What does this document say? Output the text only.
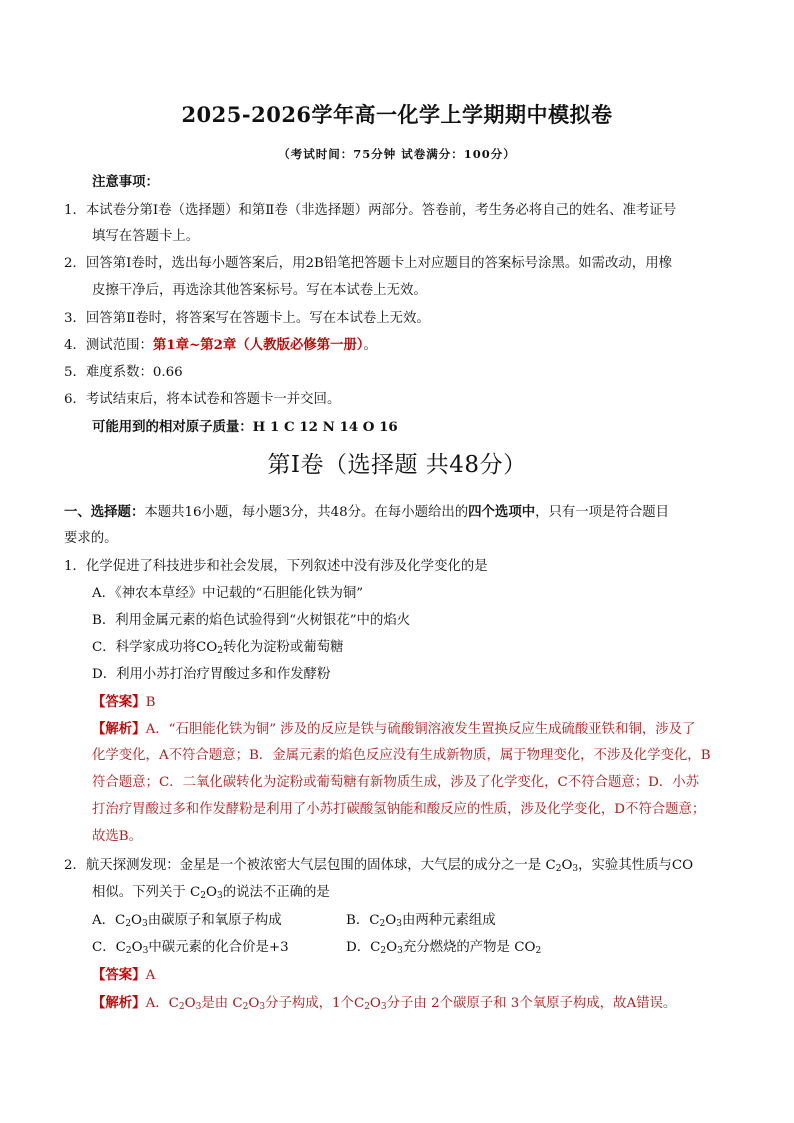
2025-2026学年高一化学上学期期中模拟卷
（考试时间：75分钟 试卷满分：100分）
注意事项：
1．本试卷分第Ⅰ卷（选择题）和第Ⅱ卷（非选择题）两部分。答卷前，考生务必将自己的姓名、准考证号
填写在答题卡上。
2．回答第Ⅰ卷时，选出每小题答案后，用2B铅笔把答题卡上对应题目的答案标号涂黑。如需改动，用橡
皮擦干净后，再选涂其他答案标号。写在本试卷上无效。
3．回答第Ⅱ卷时，将答案写在答题卡上。写在本试卷上无效。
4．测试范围：第1章~第2章（人教版必修第一册）。
5．难度系数：0.66
6．考试结束后，将本试卷和答题卡一并交回。
可能用到的相对原子质量：H 1 C 12 N 14 O 16
第Ⅰ卷（选择题 共48分）
一、选择题：本题共16小题，每小题3分，共48分。在每小题给出的四个选项中，只有一项是符合题目
要求的。
1．化学促进了科技进步和社会发展，下列叙述中没有涉及化学变化的是
A．《神农本草经》中记载的“石胆能化铁为铜”
B．利用金属元素的焰色试验得到“火树银花”中的焰火
C．科学家成功将$CO_2$转化为淀粉或葡萄糖
D．利用小苏打治疗胃酸过多和作发酵粉
【答案】B
【解析】A．“石胆能化铁为铜” 涉及的反应是铁与硫酸铜溶液发生置换反应生成硫酸亚铁和铜，涉及了
化学变化，A不符合题意；B．金属元素的焰色反应没有生成新物质，属于物理变化，不涉及化学变化，B
符合题意；C．二氧化碳转化为淀粉或葡萄糖有新物质生成，涉及了化学变化，C不符合题意；D．小苏
打治疗胃酸过多和作发酵粉是利用了小苏打碳酸氢钠能和酸反应的性质，涉及化学变化，D不符合题意；
故选B。
2．航天探测发现：金星是一个被浓密大气层包围的固体球，大气层的成分之一是 $C_2O_3$，实验其性质与CO
相似。下列关于 $C_2O_3$的说法不正确的是
A．$C_2O_3$由碳原子和氧原子构成	B．$C_2O_3$由两种元素组成
C．$C_2O_3$中碳元素的化合价是+3	D．$C_2O_3$充分燃烧的产物是 $CO_2$
【答案】A
【解析】A．$C_2O_3$是由 $C_2O_3$分子构成，1个$C_2O_3$分子由 2个碳原子和 3个氧原子构成，故A错误。
